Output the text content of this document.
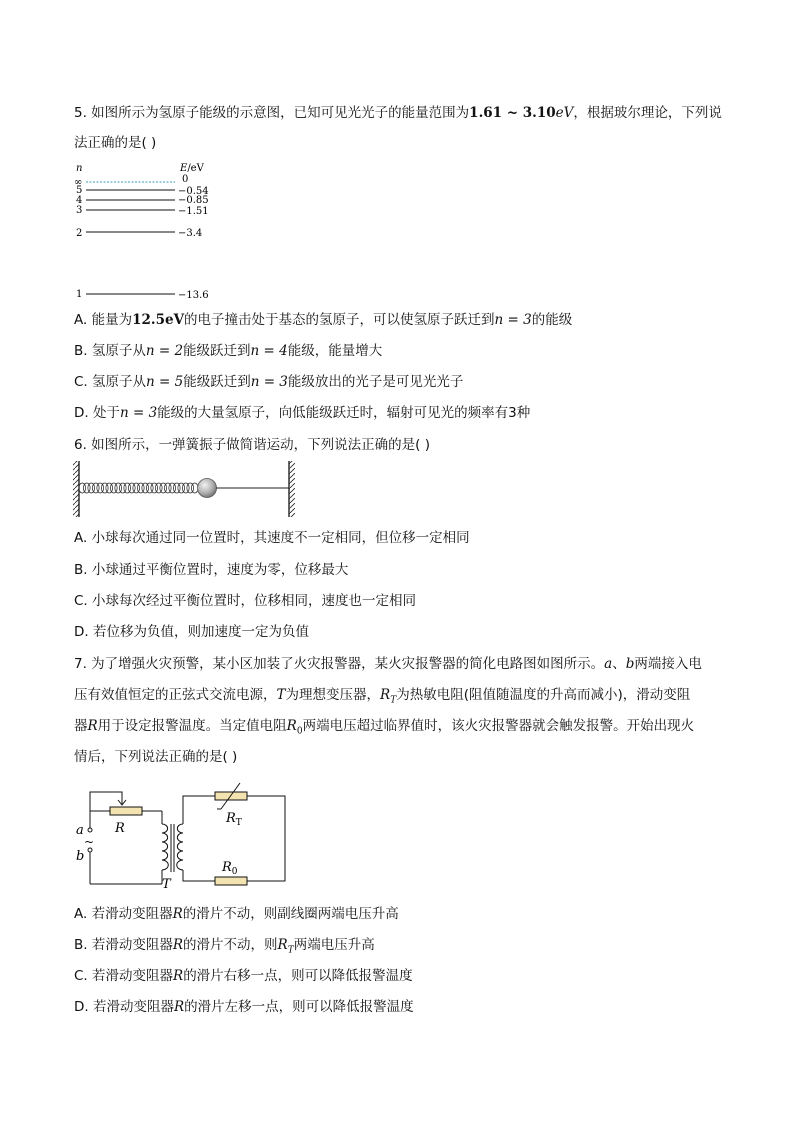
5. 如图所示为氢原子能级的示意图，已知可见光光子的能量范围为1.61 ~ 3.10eV，根据玻尔理论，下列说
法正确的是( )
n	E/eV
∞	0
5	−0.54
4	−0.85
3	−1.51
2	−3.4
1	−13.6
A. 能量为12.5eV的电子撞击处于基态的氢原子，可以使氢原子跃迁到n = 3的能级
B. 氢原子从n = 2能级跃迁到n = 4能级，能量增大
C. 氢原子从n = 5能级跃迁到n = 3能级放出的光子是可见光光子
D. 处于n = 3能级的大量氢原子，向低能级跃迁时，辐射可见光的频率有3种
6. 如图所示，一弹簧振子做简谐运动，下列说法正确的是( )
A. 小球每次通过同一位置时，其速度不一定相同，但位移一定相同
B. 小球通过平衡位置时，速度为零，位移最大
C. 小球每次经过平衡位置时，位移相同，速度也一定相同
D. 若位移为负值，则加速度一定为负值
7. 为了增强火灾预警，某小区加装了火灾报警器，某火灾报警器的简化电路图如图所示。a、b两端接入电
压有效值恒定的正弦式交流电源，T为理想变压器，$R_T$为热敏电阻(阻值随温度的升高而减小)，滑动变阻
器R用于设定报警温度。当定值电阻$R_0$两端电压超过临界值时，该火灾报警器就会触发报警。开始出现火
情后，下列说法正确的是( )
a
~
b
R
T
$R_T$
$R_0$
A. 若滑动变阻器R的滑片不动，则副线圈两端电压升高
B. 若滑动变阻器R的滑片不动，则$R_T$两端电压升高
C. 若滑动变阻器R的滑片右移一点，则可以降低报警温度
D. 若滑动变阻器R的滑片左移一点，则可以降低报警温度
